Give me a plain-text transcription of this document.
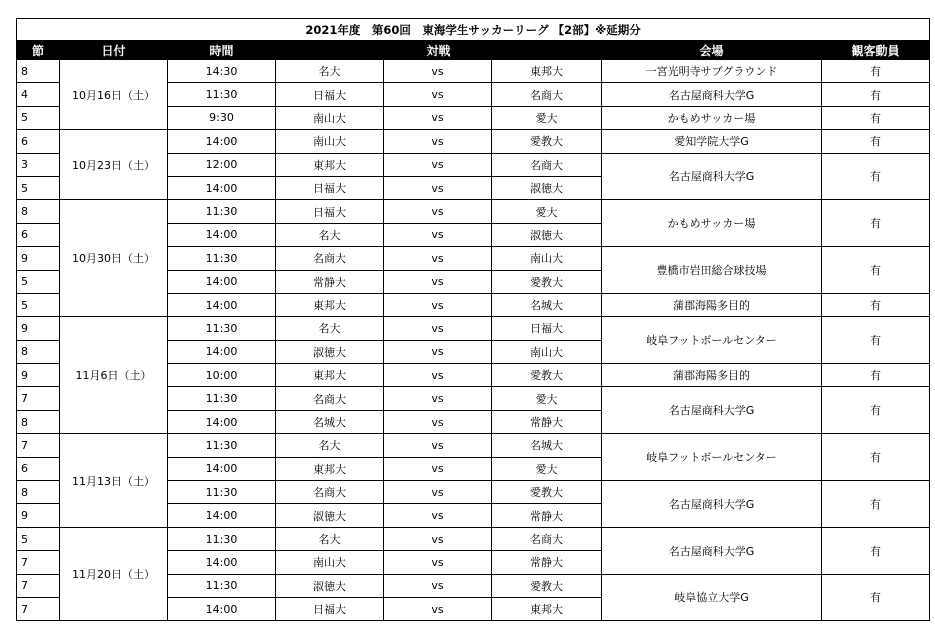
2021年度　第60回　東海学生サッカーリーグ 【2部】※延期分							
節	日付	時間	対戦			会場	観客動員
8	10月16日（土）	14:30	名大	vs	東邦大	一宮光明寺サブグラウンド	有
4		11:30	日福大	vs	名商大	名古屋商科大学G	有
5		9:30	南山大	vs	愛大	かもめサッカー場	有
6	10月23日（土）	14:00	南山大	vs	愛教大	愛知学院大学G	有
3		12:00	東邦大	vs	名商大	名古屋商科大学G	有
5		14:00	日福大	vs	淑徳大		
8	10月30日（土）	11:30	日福大	vs	愛大	かもめサッカー場	有
6		14:00	名大	vs	淑徳大		
9		11:30	名商大	vs	南山大	豊橋市岩田総合球技場	有
5		14:00	常静大	vs	愛教大		
5		14:00	東邦大	vs	名城大	蒲郡海陽多目的	有
9	11月6日（土）	11:30	名大	vs	日福大	岐阜フットボールセンター	有
8		14:00	淑徳大	vs	南山大		
9		10:00	東邦大	vs	愛教大	蒲郡海陽多目的	有
7		11:30	名商大	vs	愛大	名古屋商科大学G	有
8		14:00	名城大	vs	常静大		
7	11月13日（土）	11:30	名大	vs	名城大	岐阜フットボールセンター	有
6		14:00	東邦大	vs	愛大		
8		11:30	名商大	vs	愛教大	名古屋商科大学G	有
9		14:00	淑徳大	vs	常静大		
5	11月20日（土）	11:30	名大	vs	名商大	名古屋商科大学G	有
7		14:00	南山大	vs	常静大		
7		11:30	淑徳大	vs	愛教大	岐阜協立大学G	有
7		14:00	日福大	vs	東邦大		
